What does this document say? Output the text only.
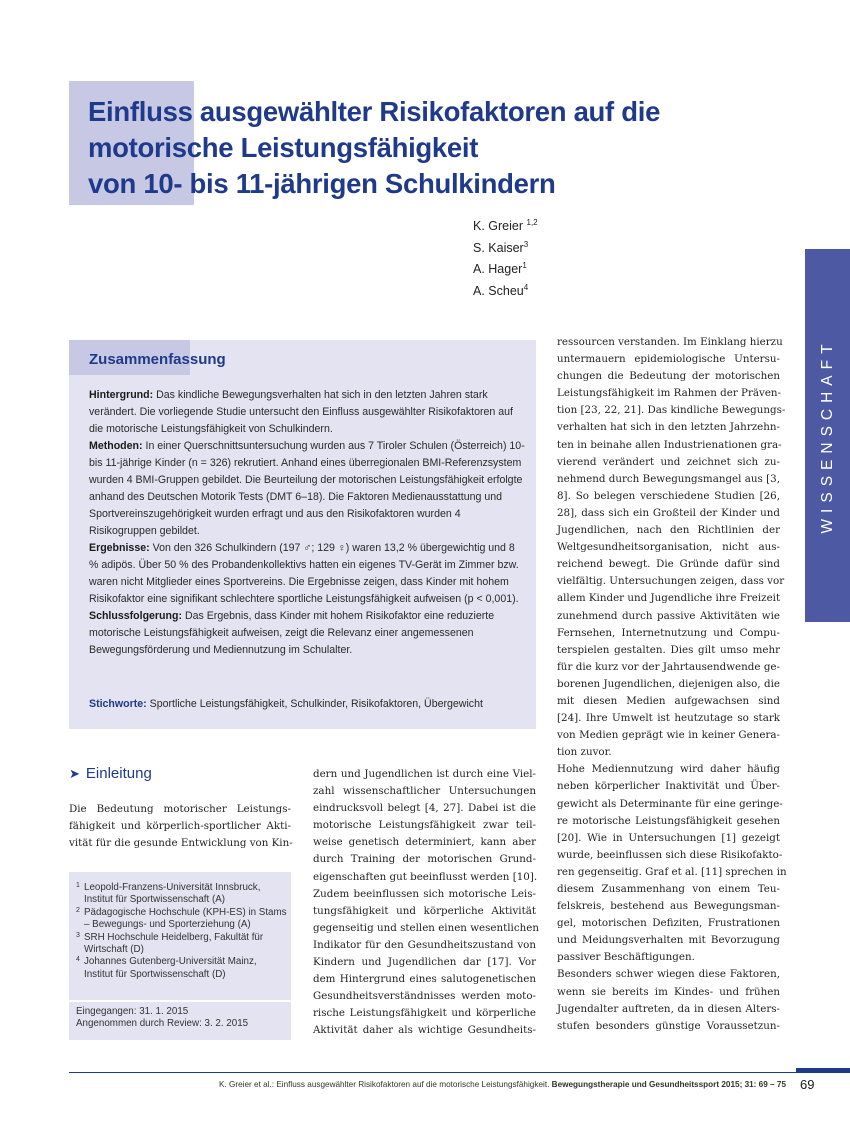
Einfluss ausgewählter Risikofaktoren auf die
motorische Leistungsfähigkeit
von 10- bis 11-jährigen Schulkindern
K. Greier $^{1,2}$
S. Kaiser$^3$
A. Hager$^1$
A. Scheu$^4$
WISSENSCHAFT
Zusammenfassung

Hintergrund: Das kindliche Bewegungsverhalten hat sich in den letzten Jahren stark verändert. Die vorliegende Studie untersucht den Einfluss ausgewählter Risikofaktoren auf die motorische Leistungsfähigkeit von Schulkindern.

Methoden: In einer Querschnittsuntersuchung wurden aus 7 Tiroler Schulen (Österreich) 10- bis 11-jährige Kinder (n = 326) rekrutiert. Anhand eines überregionalen BMI-Referenzsystem wurden 4 BMI-Gruppen gebildet. Die Beurteilung der motorischen Leistungsfähigkeit erfolgte anhand des Deutschen Motorik Tests (DMT 6–18). Die Faktoren Medienausstattung und Sportvereinszugehörigkeit wurden erfragt und aus den Risikofaktoren wurden 4 Risikogruppen gebildet.

Ergebnisse: Von den 326 Schulkindern (197 ♂; 129 ♀) waren 13,2 % übergewichtig und 8 % adipös. Über 50 % des Probandenkollektivs hatten ein eigenes TV-Gerät im Zimmer bzw. waren nicht Mitglieder eines Sportvereins. Die Ergebnisse zeigen, dass Kinder mit hohem Risikofaktor eine signifikant schlechtere sportliche Leistungsfähigkeit aufweisen (p < 0,001).

Schlussfolgerung: Das Ergebnis, dass Kinder mit hohem Risikofaktor eine reduzierte motorische Leistungsfähigkeit aufweisen, zeigt die Relevanz einer angemessenen Bewegungsförderung und Mediennutzung im Schulalter.

Stichworte: Sportliche Leistungsfähigkeit, Schulkinder, Risikofaktoren, Übergewicht
➤ Einleitung
Die Bedeutung motorischer Leistungs-
fähigkeit und körperlich-sportlicher Akti-
vität für die gesunde Entwicklung von Kin-
dern und Jugendlichen ist durch eine Viel-
zahl wissenschaftlicher Untersuchungen
eindrucksvoll belegt [4, 27]. Dabei ist die
motorische Leistungsfähigkeit zwar teil-
weise genetisch determiniert, kann aber
durch Training der motorischen Grund-
eigenschaften gut beeinflusst werden [10].
Zudem beeinflussen sich motorische Leis-
tungsfähigkeit und körperliche Aktivität
gegenseitig und stellen einen wesentlichen
Indikator für den Gesundheitszustand von
Kindern und Jugendlichen dar [17]. Vor
dem Hintergrund eines salutogenetischen
Gesundheitsverständnisses werden moto-
rische Leistungsfähigkeit und körperliche
Aktivität daher als wichtige Gesundheits-
ressourcen verstanden. Im Einklang hierzu
untermauern epidemiologische Untersu-
chungen die Bedeutung der motorischen
Leistungsfähigkeit im Rahmen der Präven-
tion [23, 22, 21]. Das kindliche Bewegungs-
verhalten hat sich in den letzten Jahrzehn-
ten in beinahe allen Industrienationen gra-
vierend verändert und zeichnet sich zu-
nehmend durch Bewegungsmangel aus [3,
8]. So belegen verschiedene Studien [26,
28], dass sich ein Großteil der Kinder und
Jugendlichen, nach den Richtlinien der
Weltgesundheitsorganisation, nicht aus-
reichend bewegt. Die Gründe dafür sind
vielfältig. Untersuchungen zeigen, dass vor
allem Kinder und Jugendliche ihre Freizeit
zunehmend durch passive Aktivitäten wie
Fernsehen, Internetnutzung und Compu-
terspielen gestalten. Dies gilt umso mehr
für die kurz vor der Jahrtausendwende ge-
borenen Jugendlichen, diejenigen also, die
mit diesen Medien aufgewachsen sind
[24]. Ihre Umwelt ist heutzutage so stark
von Medien geprägt wie in keiner Genera-
tion zuvor.
Hohe Mediennutzung wird daher häufig
neben körperlicher Inaktivität und Über-
gewicht als Determinante für eine geringe-
re motorische Leistungsfähigkeit gesehen
[20]. Wie in Untersuchungen [1] gezeigt
wurde, beeinflussen sich diese Risikofakto-
ren gegenseitig. Graf et al. [11] sprechen in
diesem Zusammenhang von einem Teu-
felskreis, bestehend aus Bewegungsman-
gel, motorischen Defiziten, Frustrationen
und Meidungsverhalten mit Bevorzugung
passiver Beschäftigungen.
Besonders schwer wiegen diese Faktoren,
wenn sie bereits im Kindes- und frühen
Jugendalter auftreten, da in diesen Alters-
stufen besonders günstige Voraussetzun-
1 Leopold-Franzens-Universität Innsbruck, Institut für Sportwissenschaft (A)
2 Pädagogische Hochschule (KPH-ES) in Stams – Bewegungs- und Sporterziehung (A)
3 SRH Hochschule Heidelberg, Fakultät für Wirtschaft (D)
4 Johannes Gutenberg-Universität Mainz, Institut für Sportwissenschaft (D)
Eingegangen: 31. 1. 2015
Angenommen durch Review: 3. 2. 2015
K. Greier et al.: Einfluss ausgewählter Risikofaktoren auf die motorische Leistungsfähigkeit. Bewegungstherapie und Gesundheitssport 2015; 31: 69 – 75 69
